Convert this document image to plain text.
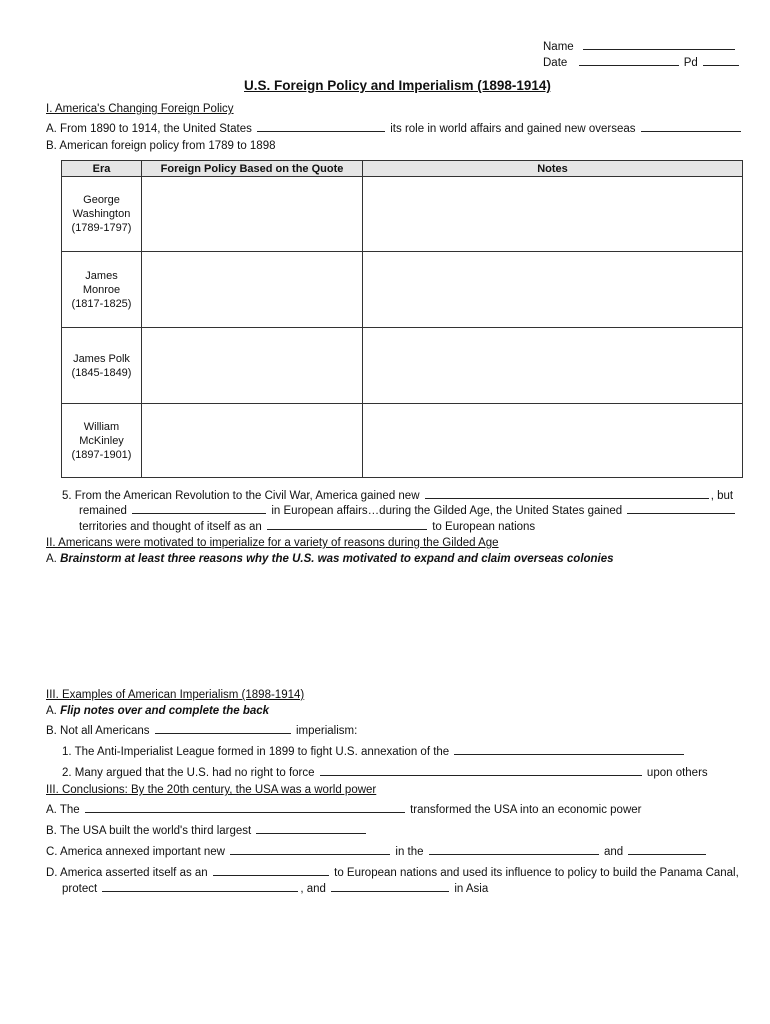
Name
Date	Pd
U.S. Foreign Policy and Imperialism (1898-1914)
I. America's Changing Foreign Policy
A. From 1890 to 1914, the United States	its role in world affairs and gained new overseas
B. American foreign policy from 1789 to 1898
Era	Foreign Policy Based on the Quote	Notes

George
Washington
(1789-1797)		

James
Monroe
(1817-1825)		

James Polk
(1845-1849)		

William
McKinley
(1897-1901)		

5. From the American Revolution to the Civil War, America gained new	, but
remained	in European affairs…during the Gilded Age, the United States gained
territories and thought of itself as an	to European nations
II. Americans were motivated to imperialize for a variety of reasons during the Gilded Age
A. Brainstorm at least three reasons why the U.S. was motivated to expand and claim overseas colonies
III. Examples of American Imperialism (1898-1914)
A. Flip notes over and complete the back
B. Not all Americans	imperialism:
1. The Anti-Imperialist League formed in 1899 to fight U.S. annexation of the
2. Many argued that the U.S. had no right to force	upon others
III. Conclusions: By the 20th century, the USA was a world power
A. The	transformed the USA into an economic power
B. The USA built the world's third largest
C. America annexed important new	in the	and
D. America asserted itself as an	to European nations and used its influence to policy to build the Panama Canal,
protect	, and	in Asia
